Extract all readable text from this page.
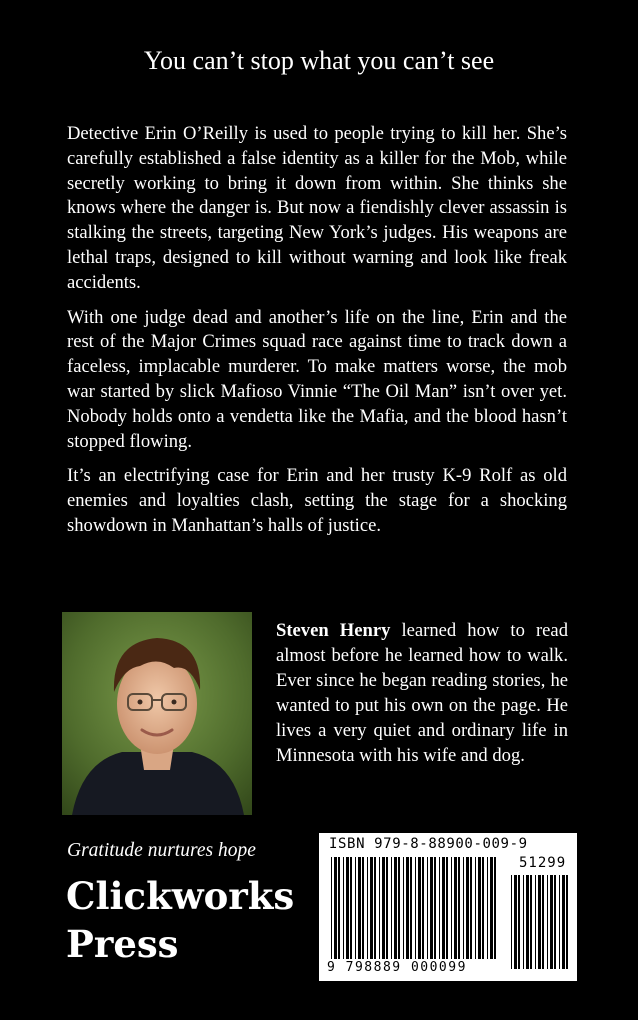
You can’t stop what you can’t see

Detective Erin O’Reilly is used to people trying to kill her. She’s carefully established a false identity as a killer for the Mob, while secretly working to bring it down from within. She thinks she knows where the danger is. But now a fiendishly clever assassin is stalking the streets, targeting New York’s judges. His weapons are lethal traps, designed to kill without warning and look like freak accidents.

With one judge dead and another’s life on the line, Erin and the rest of the Major Crimes squad race against time to track down a faceless, implacable murderer. To make matters worse, the mob war started by slick Mafioso Vinnie “The Oil Man” isn’t over yet. Nobody holds onto a vendetta like the Mafia, and the blood hasn’t stopped flowing.

It’s an electrifying case for Erin and her trusty K-9 Rolf as old enemies and loyalties clash, setting the stage for a shocking showdown in Manhattan’s halls of justice.

Steven Henry learned how to read almost before he learned how to walk. Ever since he began reading stories, he wanted to put his own on the page. He lives a very quiet and ordinary life in Minnesota with his wife and dog.
Gratitude nurtures hope
Clickworks
Press
ISBN 979-8-88900-009-9
51299
9 798889 000099
